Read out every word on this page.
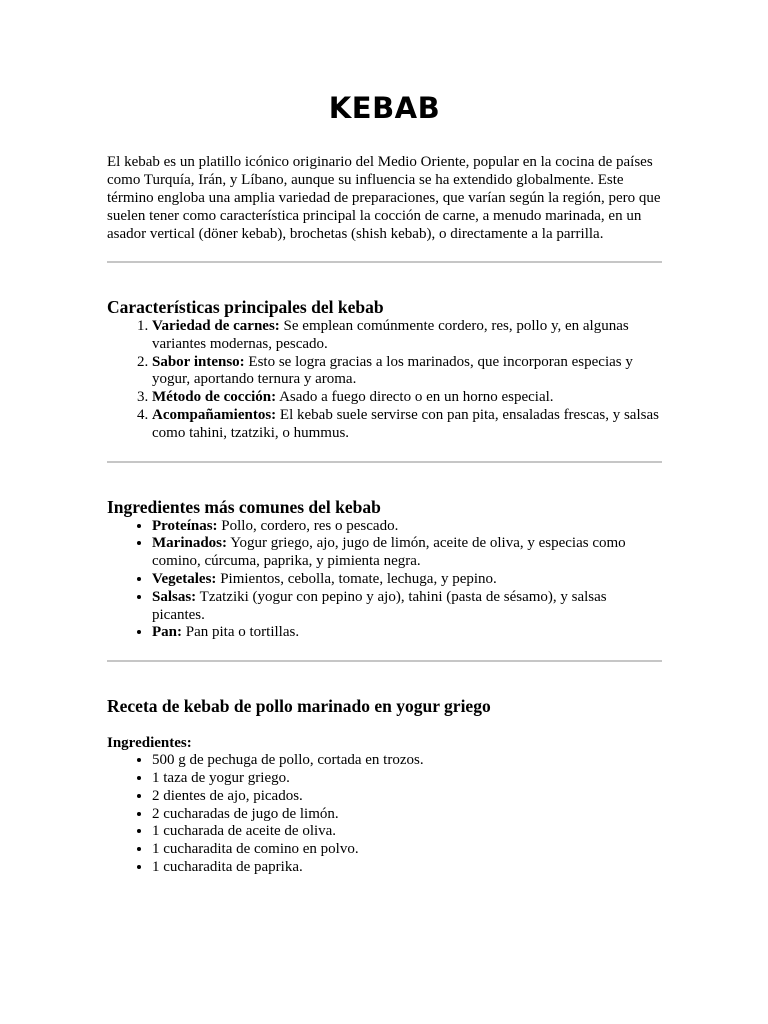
KEBAB

El kebab es un platillo icónico originario del Medio Oriente, popular en la cocina de países como Turquía, Irán, y Líbano, aunque su influencia se ha extendido globalmente. Este término engloba una amplia variedad de preparaciones, que varían según la región, pero que suelen tener como característica principal la cocción de carne, a menudo marinada, en un asador vertical (döner kebab), brochetas (shish kebab), o directamente a la parrilla.

Características principales del kebab
1. Variedad de carnes: Se emplean comúnmente cordero, res, pollo y, en algunas variantes modernas, pescado.
2. Sabor intenso: Esto se logra gracias a los marinados, que incorporan especias y yogur, aportando ternura y aroma.
3. Método de cocción: Asado a fuego directo o en un horno especial.
4. Acompañamientos: El kebab suele servirse con pan pita, ensaladas frescas, y salsas como tahini, tzatziki, o hummus.
Ingredientes más comunes del kebab
• Proteínas: Pollo, cordero, res o pescado.
• Marinados: Yogur griego, ajo, jugo de limón, aceite de oliva, y especias como comino, cúrcuma, paprika, y pimienta negra.
• Vegetales: Pimientos, cebolla, tomate, lechuga, y pepino.
• Salsas: Tzatziki (yogur con pepino y ajo), tahini (pasta de sésamo), y salsas picantes.
• Pan: Pan pita o tortillas.
Receta de kebab de pollo marinado en yogur griego

Ingredientes:

• 500 g de pechuga de pollo, cortada en trozos.
• 1 taza de yogur griego.
• 2 dientes de ajo, picados.
• 2 cucharadas de jugo de limón.
• 1 cucharada de aceite de oliva.
• 1 cucharadita de comino en polvo.
• 1 cucharadita de paprika.
